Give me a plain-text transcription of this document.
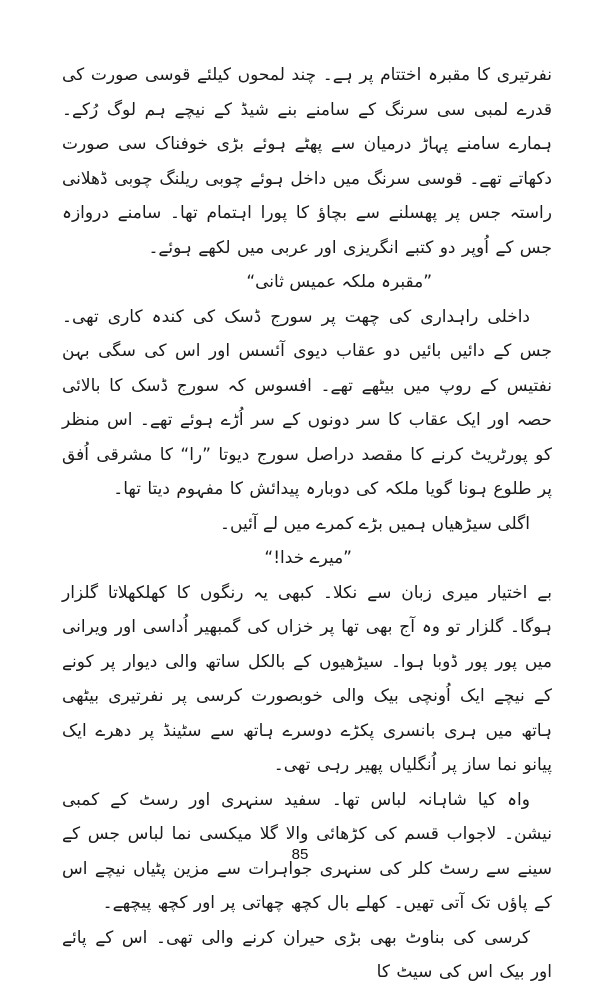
نفرتیری کا مقبرہ اختتام پر ہے۔ چند لمحوں کیلئے قوسی صورت کی قدرے لمبی سی سرنگ کے سامنے بنے شیڈ کے نیچے ہم لوگ رُکے۔ ہمارے سامنے پہاڑ درمیان سے پھٹے ہوئے بڑی خوفناک سی صورت دکھاتے تھے۔ قوسی سرنگ میں داخل ہوئے چوبی ریلنگ چوبی ڈھلانی راستہ جس پر پھسلنے سے بچاؤ کا پورا اہتمام تھا۔ سامنے دروازہ جس کے اُوپر دو کتبے انگریزی اور عربی میں لکھے ہوئے۔

”مقبرہ ملکہ عمیس ثانی“

داخلی راہداری کی چھت پر سورج ڈسک کی کندہ کاری تھی۔ جس کے دائیں بائیں دو عقاب دیوی آئسس اور اس کی سگی بہن نفتیس کے روپ میں بیٹھے تھے۔ افسوس کہ سورج ڈسک کا بالائی حصہ اور ایک عقاب کا سر دونوں کے سر اُڑے ہوئے تھے۔ اس منظر کو پورٹریٹ کرنے کا مقصد دراصل سورج دیوتا ”را“ کا مشرقی اُفق پر طلوع ہونا گویا ملکہ کی دوبارہ پیدائش کا مفہوم دیتا تھا۔

اگلی سیڑھیاں ہمیں بڑے کمرے میں لے آئیں۔

”میرے خدا!“

بے اختیار میری زبان سے نکلا۔ کبھی یہ رنگوں کا کھلکھلاتا گلزار ہوگا۔ گلزار تو وہ آج بھی تھا پر خزاں کی گمبھیر اُداسی اور ویرانی میں پور پور ڈوبا ہوا۔ سیڑھیوں کے بالکل ساتھ والی دیوار پر کونے کے نیچے ایک اُونچی بیک والی خوبصورت کرسی پر نفرتیری بیٹھی ہاتھ میں ہری بانسری پکڑے دوسرے ہاتھ سے سٹینڈ پر دھرے ایک پیانو نما ساز پر اُنگلیاں پھیر رہی تھی۔

واہ کیا شاہانہ لباس تھا۔ سفید سنہری اور رسٹ کے کمبی نیشن۔ لاجواب قسم کی کڑھائی والا گلا میکسی نما لباس جس کے سینے سے رسٹ کلر کی سنہری جواہرات سے مزین پٹیاں نیچے اس کے پاؤں تک آتی تھیں۔ کھلے بال کچھ چھاتی پر اور کچھ پیچھے۔

کرسی کی بناوٹ بھی بڑی حیران کرنے والی تھی۔ اس کے پائے اور بیک اس کی سیٹ کا

85
